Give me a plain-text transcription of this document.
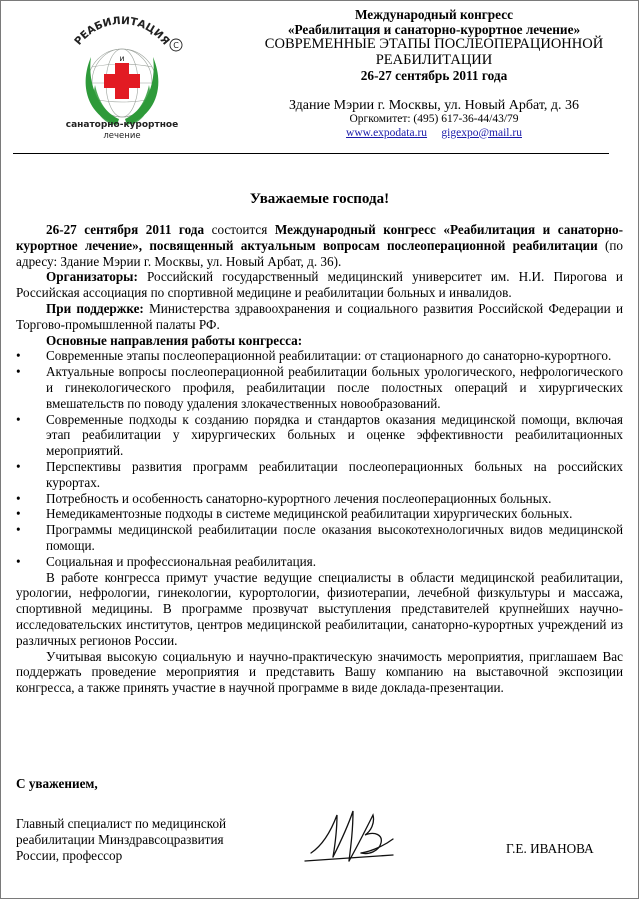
РЕАБИЛИТАЦИЯ
и
С
санаторно-курортное
лечение
Международный конгресс
«Реабилитация и санаторно-курортное лечение»
СОВРЕМЕННЫЕ ЭТАПЫ ПОСЛЕОПЕРАЦИОННОЙ
РЕАБИЛИТАЦИИ
26-27 сентябрь 2011 года
Здание Мэрии г. Москвы, ул. Новый Арбат, д. 36
Оргкомитет: (495) 617-36-44/43/79
www.expodata.ru gigexpo@mail.ru
Уважаемые господа!

26-27 сентября 2011 года состоится Международный конгресс «Реабилитация и санаторно-курортное лечение», посвященный актуальным вопросам послеоперационной реабилитации (по адресу: Здание Мэрии г. Москвы, ул. Новый Арбат, д. 36).

Организаторы: Российский государственный медицинский университет им. Н.И. Пирогова и Российская ассоциация по спортивной медицине и реабилитации больных и инвалидов.

При поддержке: Министерства здравоохранения и социального развития Российской Федерации и Торгово-промышленной палаты РФ.

Основные направления работы конгресса:

• Современные этапы послеоперационной реабилитации: от стационарного до санаторно-курортного.
• Актуальные вопросы послеоперационной реабилитации больных урологического, нефрологического и гинекологического профиля, реабилитации после полостных операций и хирургических вмешательств по поводу удаления злокачественных новообразований.
• Современные подходы к созданию порядка и стандартов оказания медицинской помощи, включая этап реабилитации у хирургических больных и оценке эффективности реабилитационных мероприятий.
• Перспективы развития программ реабилитации послеоперационных больных на российских курортах.
• Потребность и особенность санаторно-курортного лечения послеоперационных больных.
• Немедикаментозные подходы в системе медицинской реабилитации хирургических больных.
• Программы медицинской реабилитации после оказания высокотехнологичных видов медицинской помощи.
• Социальная и профессиональная реабилитация.

В работе конгресса примут участие ведущие специалисты в области медицинской реабилитации, урологии, нефрологии, гинекологии, курортологии, физиотерапии, лечебной физкультуры и массажа, спортивной медицины. В программе прозвучат выступления представителей крупнейших научно-исследовательских институтов, центров медицинской реабилитации, санаторно-курортных учреждений из различных регионов России.

Учитывая высокую социальную и научно-практическую значимость мероприятия, приглашаем Вас поддержать проведение мероприятия и представить Вашу компанию на выставочной экспозиции конгресса, а также принять участие в научной программе в виде доклада-презентации.

С уважением,
Главный специалист по медицинской реабилитации Минздравсоцразвития России, профессор	Г.Е. ИВАНОВА
